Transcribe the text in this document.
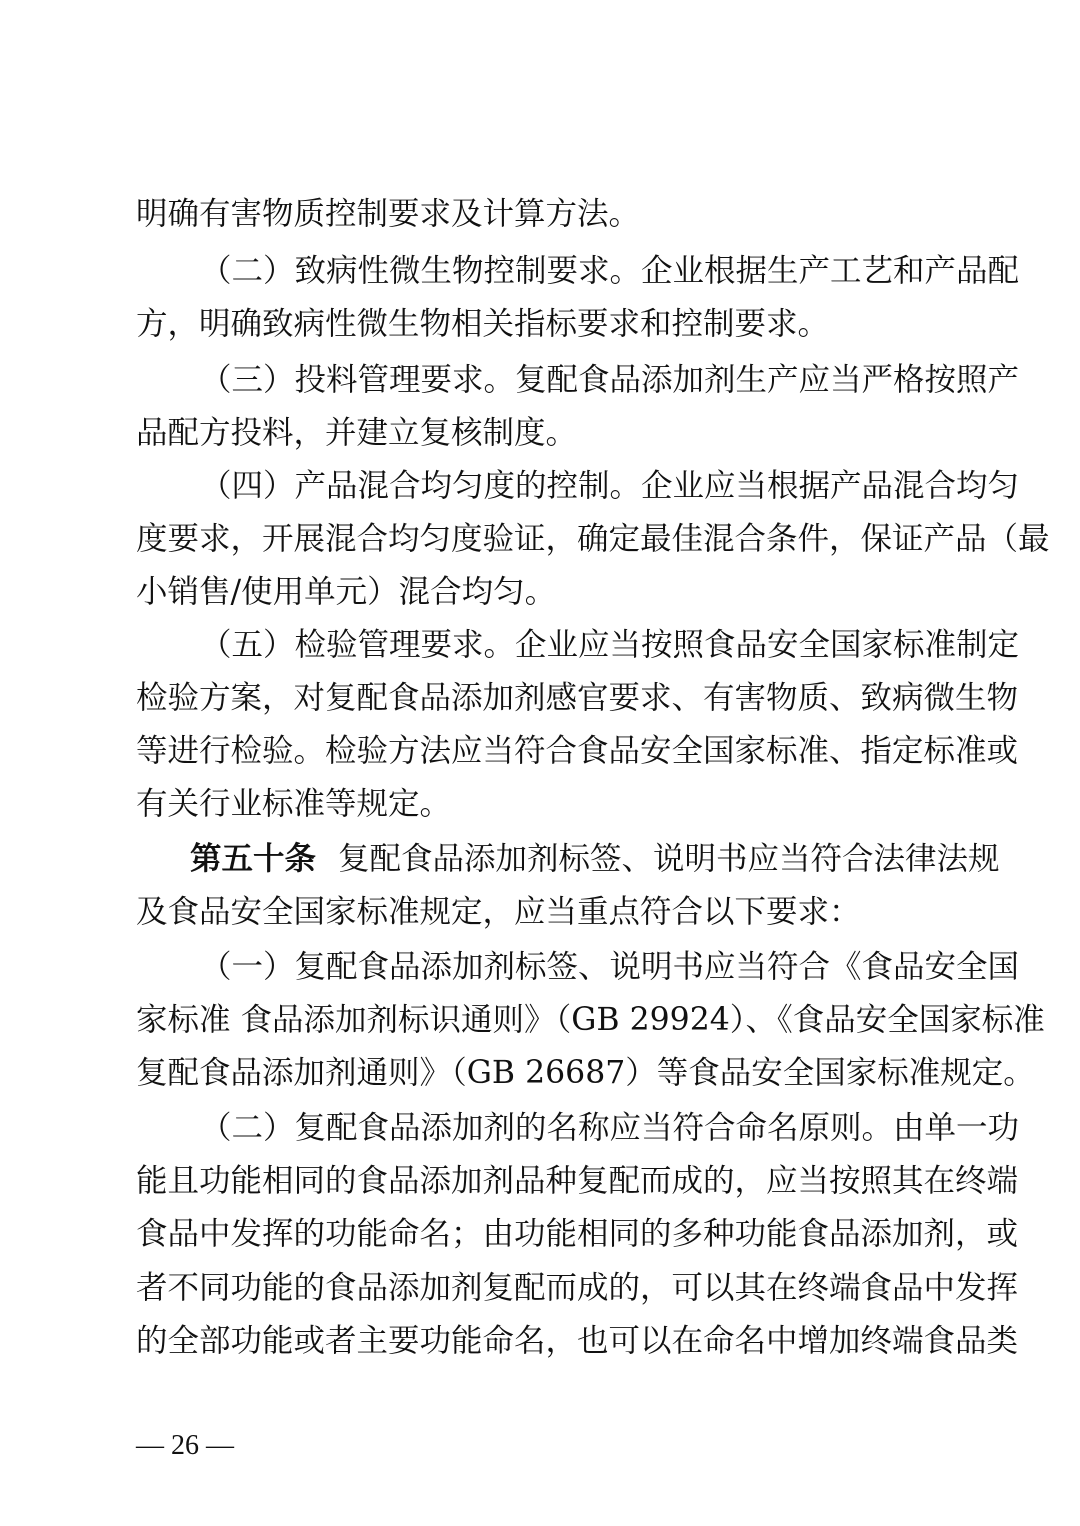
明确有害物质控制要求及计算方法。
（二）致病性微生物控制要求。企业根据生产工艺和产品配
方，明确致病性微生物相关指标要求和控制要求。
（三）投料管理要求。复配食品添加剂生产应当严格按照产
品配方投料，并建立复核制度。
（四）产品混合均匀度的控制。企业应当根据产品混合均匀
度要求，开展混合均匀度验证，确定最佳混合条件，保证产品（最
小销售/使用单元）混合均匀。
（五）检验管理要求。企业应当按照食品安全国家标准制定
检验方案，对复配食品添加剂感官要求、有害物质、致病微生物
等进行检验。检验方法应当符合食品安全国家标准、指定标准或
有关行业标准等规定。
第五十条 复配食品添加剂标签、说明书应当符合法律法规
及食品安全国家标准规定，应当重点符合以下要求：
（一）复配食品添加剂标签、说明书应当符合《食品安全国
家标准 食品添加剂标识通则》（GB 29924）、《食品安全国家标准
复配食品添加剂通则》（GB 26687）等食品安全国家标准规定。
（二）复配食品添加剂的名称应当符合命名原则。由单一功
能且功能相同的食品添加剂品种复配而成的，应当按照其在终端
食品中发挥的功能命名；由功能相同的多种功能食品添加剂，或
者不同功能的食品添加剂复配而成的，可以其在终端食品中发挥
的全部功能或者主要功能命名，也可以在命名中增加终端食品类
— 26 —
